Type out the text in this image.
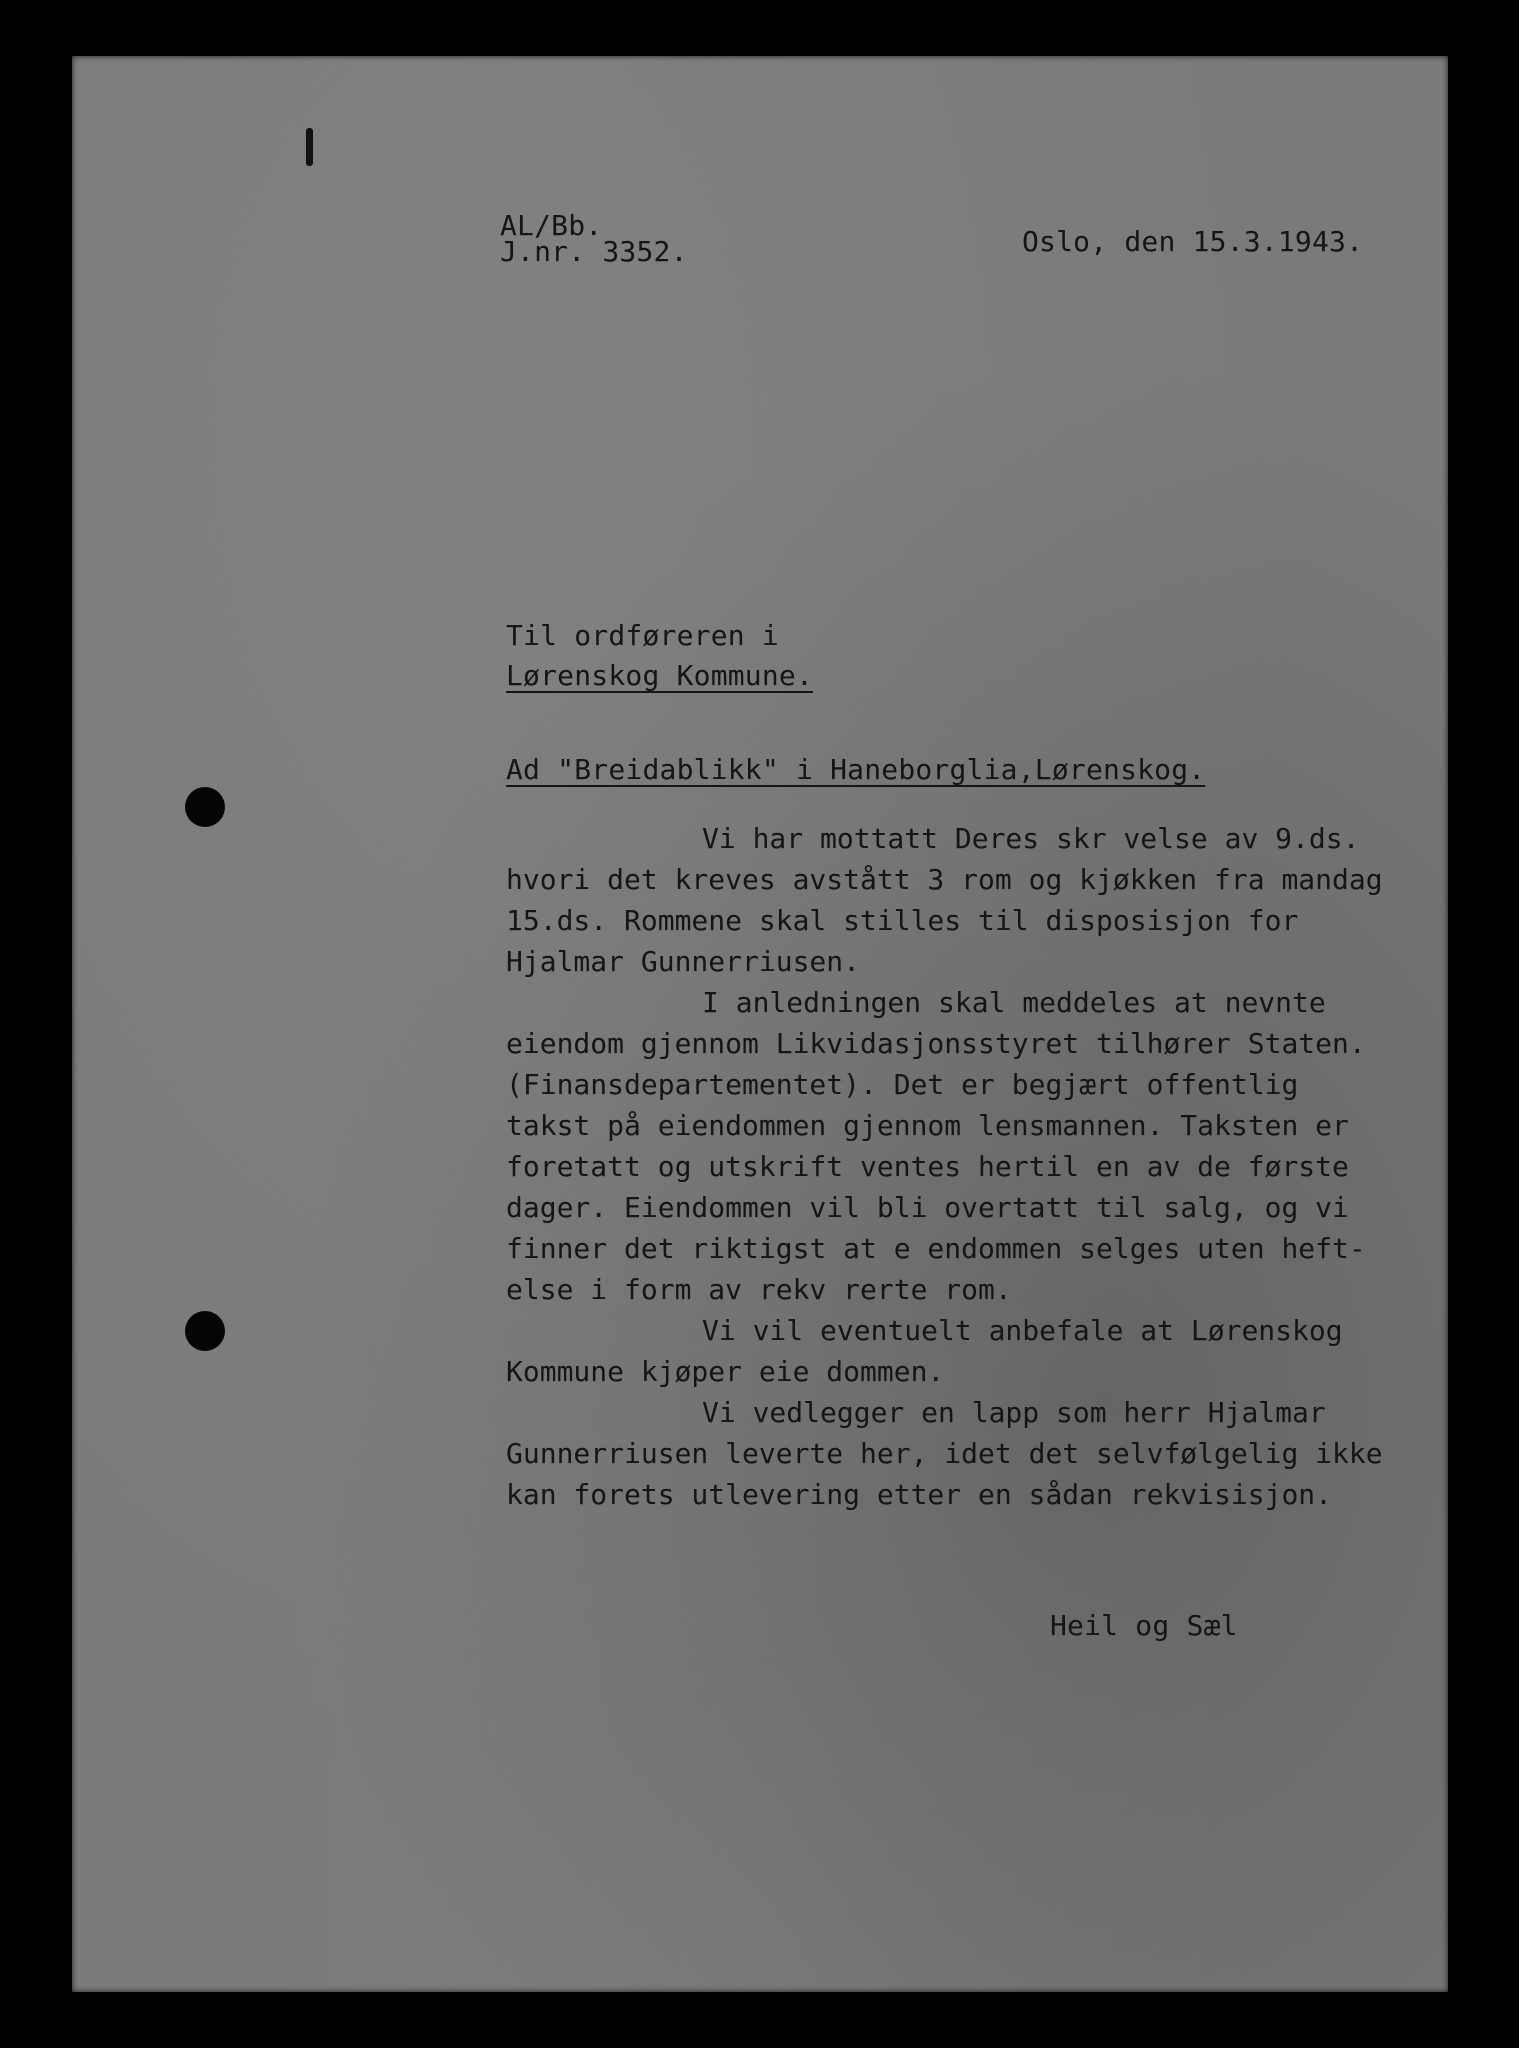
AL/Bb.
J.nr. 3352.	Oslo, den 15.3.1943.
Til ordføreren i
Lørenskog Kommune.
Ad "Breidablikk" i Haneborglia,Lørenskog.
Vi har mottatt Deres skr velse av 9.ds.
hvori det kreves avstått 3 rom og kjøkken fra mandag
15.ds. Rommene skal stilles til disposisjon for
Hjalmar Gunnerriusen.
I anledningen skal meddeles at nevnte
eiendom gjennom Likvidasjonsstyret tilhører Staten.
(Finansdepartementet). Det er begjært offentlig
takst på eiendommen gjennom lensmannen. Taksten er
foretatt og utskrift ventes hertil en av de første
dager. Eiendommen vil bli overtatt til salg, og vi
finner det riktigst at e endommen selges uten heft-
else i form av rekv rerte rom.
Vi vil eventuelt anbefale at Lørenskog
Kommune kjøper eie dommen.
Vi vedlegger en lapp som herr Hjalmar
Gunnerriusen leverte her, idet det selvfølgelig ikke
kan forets utlevering etter en sådan rekvisisjon.
Heil og Sæl
